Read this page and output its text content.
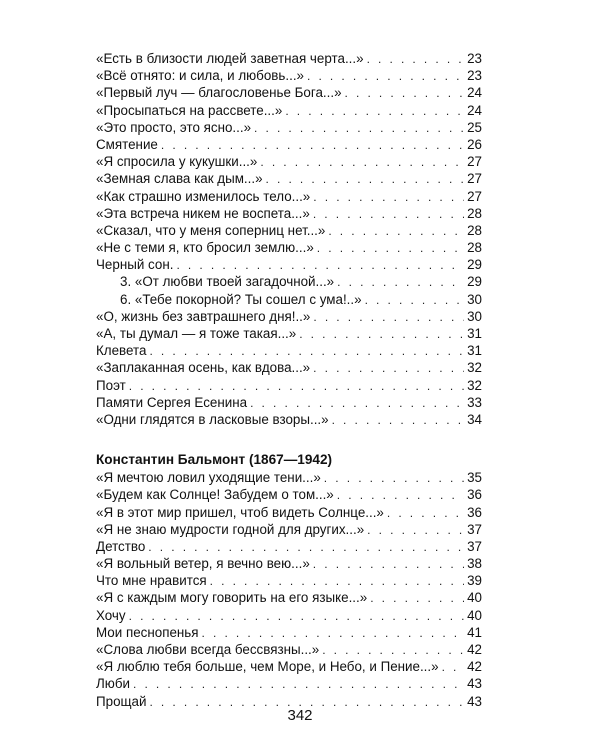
«Есть в близости людей заветная черта...» . . .	23
«Всё отнято: и сила, и любовь...» . . .	23
«Первый луч — благословенье Бога...» . . .	24
«Просыпаться на рассвете...» . . .	24
«Это просто, это ясно...» . . .	25
Смятение . . .	26
«Я спросила у кукушки...» . . .	27
«Земная слава как дым...» . . .	27
«Как страшно изменилось тело...» . . .	27
«Эта встреча никем не воспета...» . . .	28
«Сказал, что у меня соперниц нет...» . . .	28
«Не с теми я, кто бросил землю...» . . .	28
Черный сон. . . .	29
3. «От любви твоей загадочной...» . . .	29
6. «Тебе покорной? Ты сошел с ума!..» . . .	30
«О, жизнь без завтрашнего дня!..» . . .	30
«А, ты думал — я тоже такая...» . . .	31
Клевета . . .	31
«Заплаканная осень, как вдова...» . . .	32
Поэт . . .	32
Памяти Сергея Есенина . . .	33
«Одни глядятся в ласковые взоры...» . . .	34
Константин Бальмонт (1867—1942)
«Я мечтою ловил уходящие тени...» . . .	35
«Будем как Солнце! Забудем о том...» . . .	36
«Я в этот мир пришел, чтоб видеть Солнце...» . . .	36
«Я не знаю мудрости годной для других...» . . .	37
Детство . . .	37
«Я вольный ветер, я вечно вею...» . . .	38
Что мне нравится . . .	39
«Я с каждым могу говорить на его языке...» . . .	40
Хочу . . .	40
Мои песнопенья . . .	41
«Слова любви всегда бессвязны...» . . .	42
«Я люблю тебя больше, чем Море, и Небо, и Пение...» . . . 42
Люби . . .	43
Прощай . . .	43
342
